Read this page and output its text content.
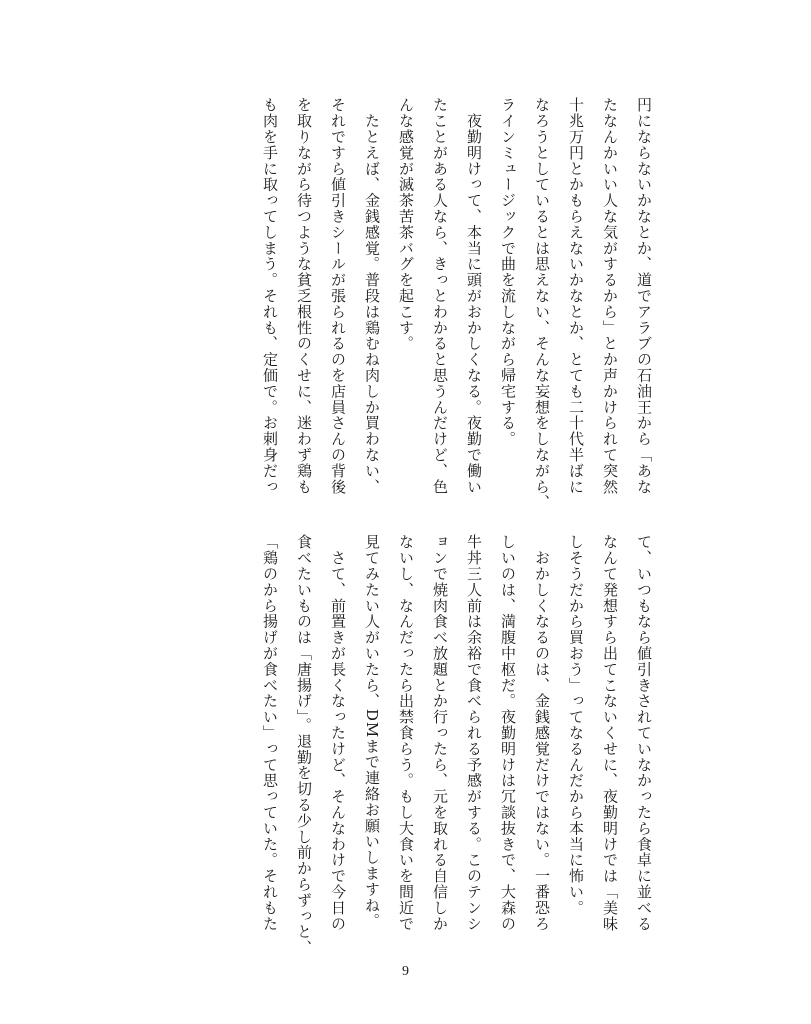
円にならないかなとか、道でアラブの石油王から「あな
たなんかいい人な気がするから」とか声かけられて突然
十兆万円とかもらえないかなとか、とても二十代半ばに
なろうとしているとは思えない、そんな妄想をしながら、
ラインミュージックで曲を流しながら帰宅する。
　夜勤明けって、本当に頭がおかしくなる。夜勤で働い
たことがある人なら、きっとわかると思うんだけど、色
んな感覚が滅茶苦茶バグを起こす。
　たとえば、金銭感覚。普段は鶏むね肉しか買わない、
それですら値引きシールが張られるのを店員さんの背後
を取りながら待つような貧乏根性のくせに、迷わず鶏も
も肉を手に取ってしまう。それも、定価で。お刺身だっ
て、いつもなら値引きされていなかったら食卓に並べる
なんて発想すら出てこないくせに、夜勤明けでは「美味
しそうだから買おう」ってなるんだから本当に怖い。
　おかしくなるのは、金銭感覚だけではない。一番恐ろ
しいのは、満腹中枢だ。夜勤明けは冗談抜きで、大森の
牛丼三人前は余裕で食べられる予感がする。このテンシ
ョンで焼肉食べ放題とか行ったら、元を取れる自信しか
ないし、なんだったら出禁食らう。もし大食いを間近で
見てみたい人がいたら、DMまで連絡お願いしますね。
　さて、前置きが長くなったけど、そんなわけで今日の
食べたいものは「唐揚げ」。退勤を切る少し前からずっと、
「鶏のから揚げが食べたい」って思っていた。それもた
9
